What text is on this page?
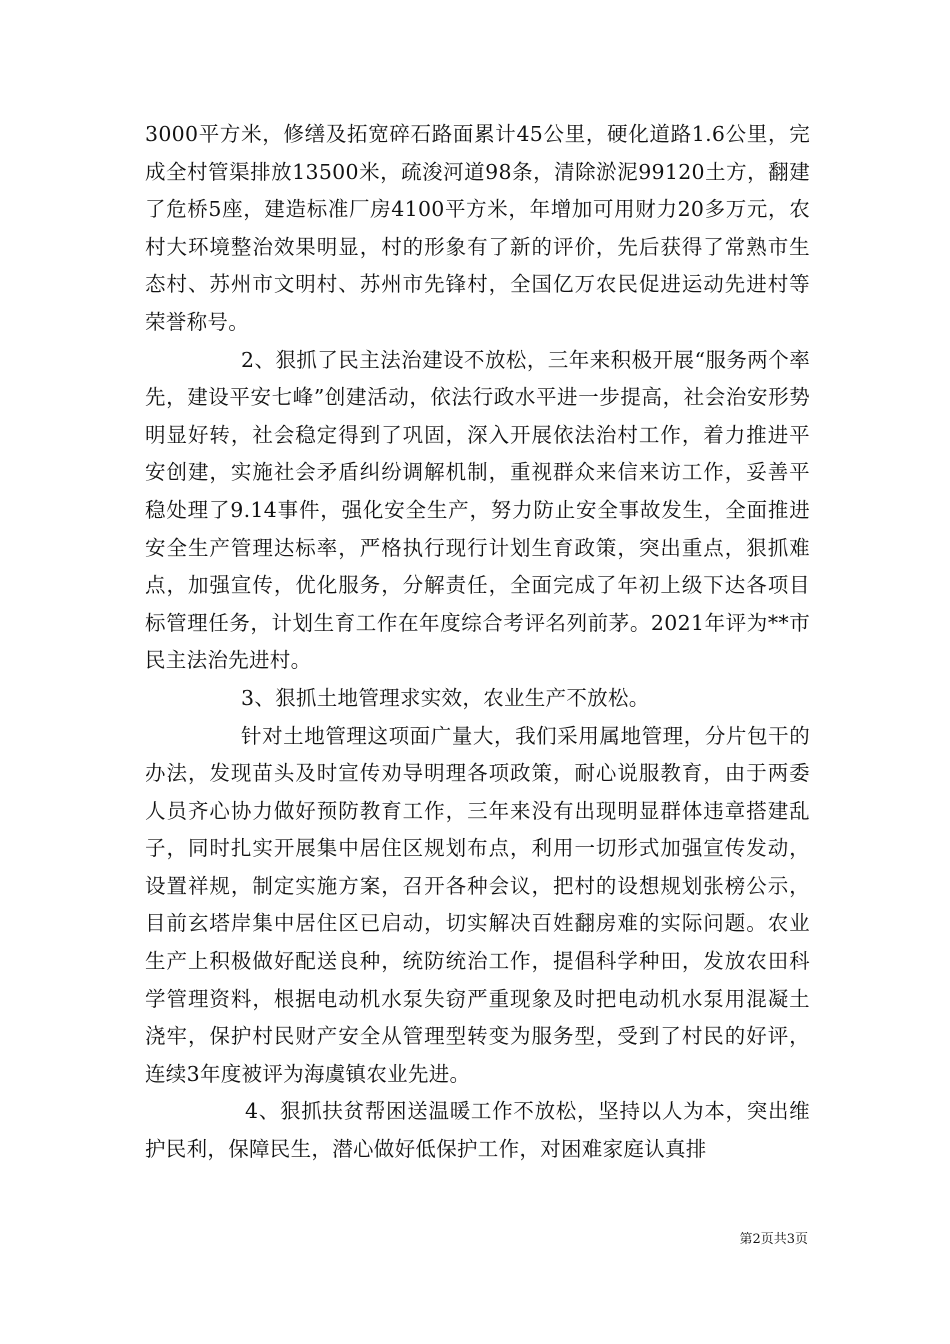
3000平方米，修缮及拓宽碎石路面累计45公里，硬化道路1.6公里，完成全村管渠排放13500米，疏浚河道98条，清除淤泥99120土方，翻建了危桥5座，建造标准厂房4100平方米，年增加可用财力20多万元，农村大环境整治效果明显，村的形象有了新的评价，先后获得了常熟市生态村、苏州市文明村、苏州市先锋村，全国亿万农民促进运动先进村等荣誉称号。

2、狠抓了民主法治建设不放松，三年来积极开展“服务两个率先，建设平安七峰”创建活动，依法行政水平进一步提高，社会治安形势明显好转，社会稳定得到了巩固，深入开展依法治村工作，着力推进平安创建，实施社会矛盾纠纷调解机制，重视群众来信来访工作，妥善平稳处理了9.14事件，强化安全生产，努力防止安全事故发生，全面推进安全生产管理达标率，严格执行现行计划生育政策，突出重点，狠抓难点，加强宣传，优化服务，分解责任，全面完成了年初上级下达各项目标管理任务，计划生育工作在年度综合考评名列前茅。2021年评为**市民主法治先进村。

3、狠抓土地管理求实效，农业生产不放松。

针对土地管理这项面广量大，我们采用属地管理，分片包干的办法，发现苗头及时宣传劝导明理各项政策，耐心说服教育，由于两委人员齐心协力做好预防教育工作，三年来没有出现明显群体违章搭建乱子，同时扎实开展集中居住区规划布点，利用一切形式加强宣传发动，设置祥规，制定实施方案，召开各种会议，把村的设想规划张榜公示，目前玄塔岸集中居住区已启动，切实解决百姓翻房难的实际问题。农业生产上积极做好配送良种，统防统治工作，提倡科学种田，发放农田科学管理资料，根据电动机水泵失窃严重现象及时把电动机水泵用混凝土浇牢，保护村民财产安全从管理型转变为服务型，受到了村民的好评，连续3年度被评为海虞镇农业先进。

4、狠抓扶贫帮困送温暖工作不放松，坚持以人为本，突出维护民利，保障民生，潜心做好低保护工作，对困难家庭认真排

第2页共3页
